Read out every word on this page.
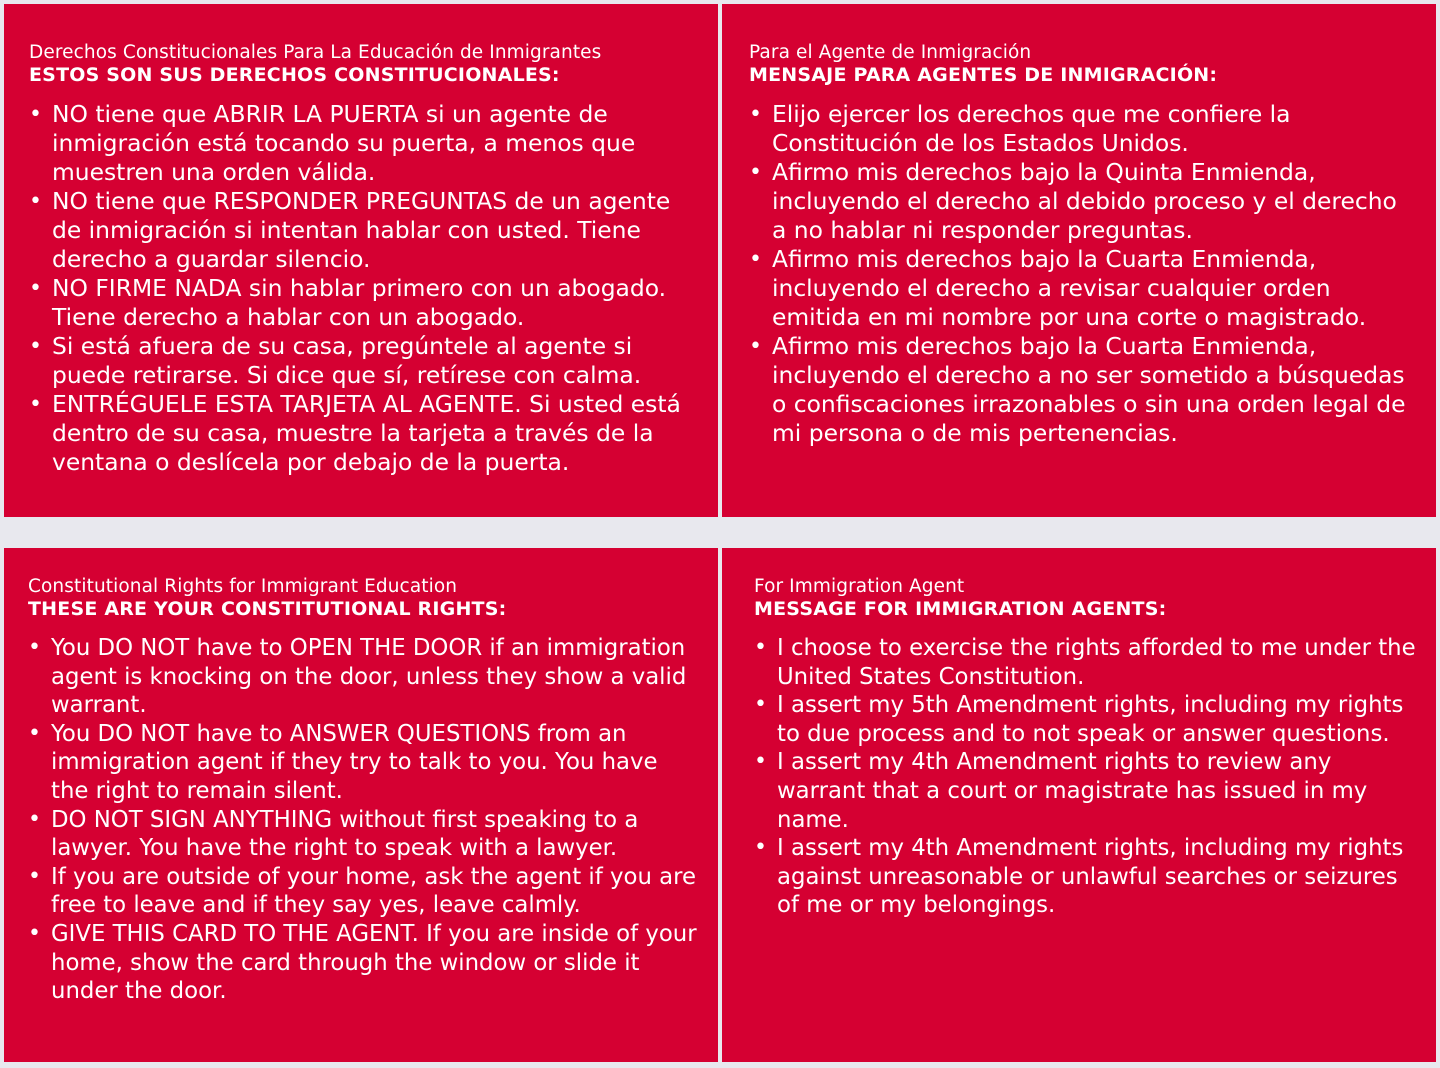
Derechos Constitucionales Para La Educación de Inmigrantes
ESTOS SON SUS DERECHOS CONSTITUCIONALES:
• NO tiene que ABRIR LA PUERTA si un agente de inmigración está tocando su puerta, a menos que muestren una orden válida.
• NO tiene que RESPONDER PREGUNTAS de un agente de inmigración si intentan hablar con usted. Tiene derecho a guardar silencio.
• NO FIRME NADA sin hablar primero con un abogado. Tiene derecho a hablar con un abogado.
• Si está afuera de su casa, pregúntele al agente si puede retirarse. Si dice que sí, retírese con calma.
• ENTRÉGUELE ESTA TARJETA AL AGENTE. Si usted está dentro de su casa, muestre la tarjeta a través de la ventana o deslícela por debajo de la puerta.
Para el Agente de Inmigración
MENSAJE PARA AGENTES DE INMIGRACIÓN:
• Elijo ejercer los derechos que me confiere la Constitución de los Estados Unidos.
• Afirmo mis derechos bajo la Quinta Enmienda, incluyendo el derecho al debido proceso y el derecho a no hablar ni responder preguntas.
• Afirmo mis derechos bajo la Cuarta Enmienda, incluyendo el derecho a revisar cualquier orden emitida en mi nombre por una corte o magistrado.
• Afirmo mis derechos bajo la Cuarta Enmienda, incluyendo el derecho a no ser sometido a búsquedas o confiscaciones irrazonables o sin una orden legal de mi persona o de mis pertenencias.
Constitutional Rights for Immigrant Education
THESE ARE YOUR CONSTITUTIONAL RIGHTS:
• You DO NOT have to OPEN THE DOOR if an immigration agent is knocking on the door, unless they show a valid warrant.
• You DO NOT have to ANSWER QUESTIONS from an immigration agent if they try to talk to you. You have the right to remain silent.
• DO NOT SIGN ANYTHING without first speaking to a lawyer. You have the right to speak with a lawyer.
• If you are outside of your home, ask the agent if you are free to leave and if they say yes, leave calmly.
• GIVE THIS CARD TO THE AGENT. If you are inside of your home, show the card through the window or slide it under the door.
For Immigration Agent
MESSAGE FOR IMMIGRATION AGENTS:
• I choose to exercise the rights afforded to me under the United States Constitution.
• I assert my 5th Amendment rights, including my rights to due process and to not speak or answer questions.
• I assert my 4th Amendment rights to review any warrant that a court or magistrate has issued in my name.
• I assert my 4th Amendment rights, including my rights against unreasonable or unlawful searches or seizures of me or my belongings.
